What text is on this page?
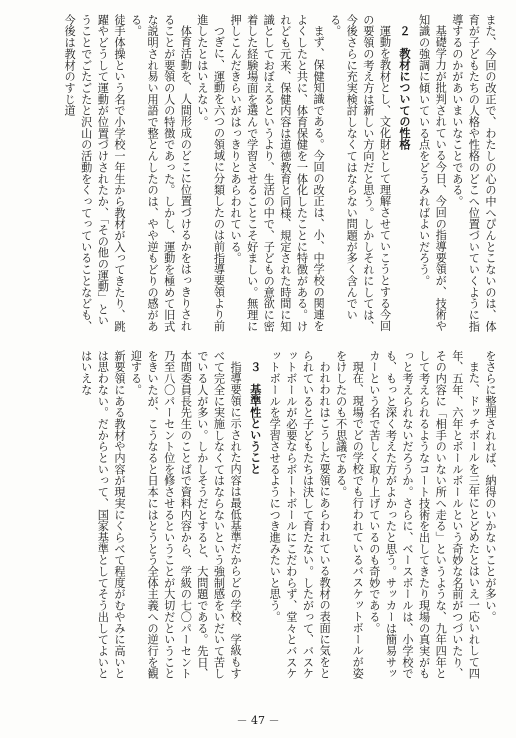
また、今回の改正で、わたしの心の中へぴんとこないのは、体育が子どもたちの人格や性格のどこへ位置づいていくように指導するのかがあいまいなことである。
基礎学力が批判されている今日、今回の指導要領が、技術や知識の強調に傾いている点をどうみればよいだろう。
２　教材についての性格
運動を教材とし、文化財として理解させていこうとする今回の要領の考え方は新しい方向だと思う。しかしそれにしては、今後さらに充実検討しなくてはならない問題が多く含んでいる。
まず、保健知識である。今回の改正は、小、中学校の関連をよくしたと共に、体育保健を一体化したことに特徴がある。けれども元来、保健内容は道徳教育と同様、規定された時間に知識としておぼえるというより、生活の中で、子どもの意欲に密着した経験場面を選んで学習させることこそ好ましい。無理に押しこんだきらいがはっきりとあらわれている。
つぎに、運動を六つの領域に分類したのは前指導要領より前進したとはいえない。
体育活動を、人間形成のどこに位置づけるかをはっきりされることが要領の人の特徴であった。しかし、運動を極めて旧式な説明され易い用語で整とんしたのは、やや逆もどりの感がある。
徒手体操という名で小学校一年生から教材が入ってきたり、跳躍やどうして運動が位置づけされたか、「その他の運動」ということでごたごたと沢山の活動をくってっていることなども、今後は教材のすじ道
をさらに整理されれば、納得のいかないことが多い。
また、ドッチボールを三年にとどめたとはいえ一応いれして四年、五年、六年とボールボールという奇妙な名前がつづいたり、その内容に「相手のいない所へ走る」というような、九年四年として考えられるようなコート技術を出してきたり現場の真実がもっと考えられないだろうか。さらに、ベースボールは、小学校でも、もっと深く考えた方がよかったと思う。サッカーは簡易サッカーという名で苦しく取り上げているのも奇妙である。
現在、現場でどの学校でも行われているバスケットボールが姿をけしたのも不思議である。
われわれはこうした要領にあらわれている教材の表面に気をとられていると子どもたちは決して育たない。したがって、バスケットボールが必要ならボートボールにこだわらず、堂々とバスケットボールを学習させるようにつき進みたいと思う。
３　基準性ということ
指導要領に示された内容は最低基準だからどの学校、学級もすべて完全に実施しなくてはならないという強制感をいだいて苦しでいる人が多い。しかしそうだとすると、大問題である。先日、本間委員長先生のことばで資料内容から、学級の七〇パーセント乃至八〇パーセント位を修させるということが大切だということをきいたが、こうなると日本にはとうとう全体主義への逆行を観迎する。
新要領にある教材や内容が現実にくらべて程度がむやみに高いとは思わない。だからといって、国家基準としてそう出してよいとはいえな
－ 47 －
